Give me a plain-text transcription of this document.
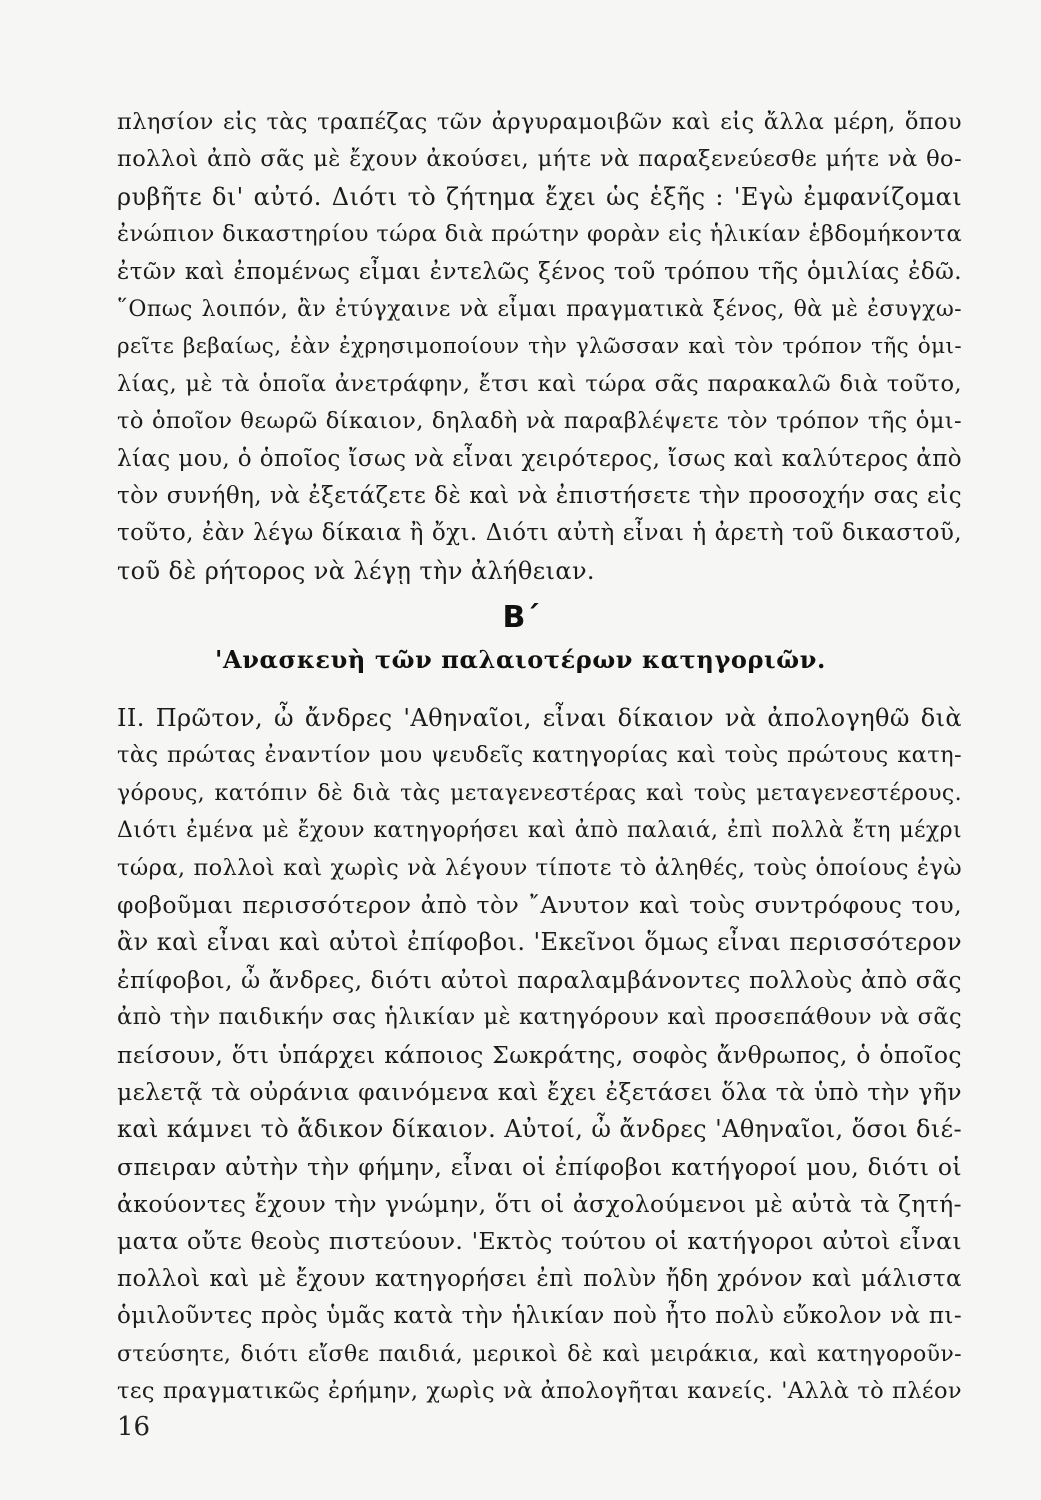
πλησίον εἰς τὰς τραπέζας τῶν ἀργυραμοιβῶν καὶ εἰς ἄλλα μέρη, ὅπου
πολλοὶ ἀπὸ σᾶς μὲ ἔχουν ἀκούσει, μήτε νὰ παραξενεύεσθε μήτε νὰ θο-
ρυβῆτε δι' αὐτό. Διότι τὸ ζήτημα ἔχει ὡς ἑξῆς : 'Εγὼ ἐμφανίζομαι
ἐνώπιον δικαστηρίου τώρα διὰ πρώτην φορὰν εἰς ἡλικίαν ἑβδομήκοντα
ἐτῶν καὶ ἐπομένως εἶμαι ἐντελῶς ξένος τοῦ τρόπου τῆς ὁμιλίας ἐδῶ.
῞Οπως λοιπόν, ἂν ἐτύγχαινε νὰ εἶμαι πραγματικὰ ξένος, θὰ μὲ ἐσυγχω-
ρεῖτε βεβαίως, ἐὰν ἐχρησιμοποίουν τὴν γλῶσσαν καὶ τὸν τρόπον τῆς ὁμι-
λίας, μὲ τὰ ὁποῖα ἀνετράφην, ἔτσι καὶ τώρα σᾶς παρακαλῶ διὰ τοῦτο,
τὸ ὁποῖον θεωρῶ δίκαιον, δηλαδὴ νὰ παραβλέψετε τὸν τρόπον τῆς ὁμι-
λίας μου, ὁ ὁποῖος ἴσως νὰ εἶναι χειρότερος, ἴσως καὶ καλύτερος ἀπὸ
τὸν συνήθη, νὰ ἐξετάζετε δὲ καὶ νὰ ἐπιστήσετε τὴν προσοχήν σας εἰς
τοῦτο, ἐὰν λέγω δίκαια ἢ ὄχι. Διότι αὐτὴ εἶναι ἡ ἀρετὴ τοῦ δικαστοῦ,
τοῦ δὲ ρήτορος νὰ λέγῃ τὴν ἀλήθειαν.
Β΄
'Ανασκευὴ τῶν παλαιοτέρων κατηγοριῶν.
ΙΙ. Πρῶτον, ὦ ἄνδρες 'Αθηναῖοι, εἶναι δίκαιον νὰ ἀπολογηθῶ διὰ
τὰς πρώτας ἐναντίον μου ψευδεῖς κατηγορίας καὶ τοὺς πρώτους κατη-
γόρους, κατόπιν δὲ διὰ τὰς μεταγενεστέρας καὶ τοὺς μεταγενεστέρους.
Διότι ἐμένα μὲ ἔχουν κατηγορήσει καὶ ἀπὸ παλαιά, ἐπὶ πολλὰ ἔτη μέχρι
τώρα, πολλοὶ καὶ χωρὶς νὰ λέγουν τίποτε τὸ ἀληθές, τοὺς ὁποίους ἐγὼ
φοβοῦμαι περισσότερον ἀπὸ τὸν ῎Ανυτον καὶ τοὺς συντρόφους του,
ἂν καὶ εἶναι καὶ αὐτοὶ ἐπίφοβοι. 'Εκεῖνοι ὅμως εἶναι περισσότερον
ἐπίφοβοι, ὦ ἄνδρες, διότι αὐτοὶ παραλαμβάνοντες πολλοὺς ἀπὸ σᾶς
ἀπὸ τὴν παιδικήν σας ἡλικίαν μὲ κατηγόρουν καὶ προσεπάθουν νὰ σᾶς
πείσουν, ὅτι ὑπάρχει κάποιος Σωκράτης, σοφὸς ἄνθρωπος, ὁ ὁποῖος
μελετᾷ τὰ οὐράνια φαινόμενα καὶ ἔχει ἐξετάσει ὅλα τὰ ὑπὸ τὴν γῆν
καὶ κάμνει τὸ ἄδικον δίκαιον. Αὐτοί, ὦ ἄνδρες 'Αθηναῖοι, ὅσοι διέ-
σπειραν αὐτὴν τὴν φήμην, εἶναι οἱ ἐπίφοβοι κατήγοροί μου, διότι οἱ
ἀκούοντες ἔχουν τὴν γνώμην, ὅτι οἱ ἀσχολούμενοι μὲ αὐτὰ τὰ ζητή-
ματα οὔτε θεοὺς πιστεύουν. 'Εκτὸς τούτου οἱ κατήγοροι αὐτοὶ εἶναι
πολλοὶ καὶ μὲ ἔχουν κατηγορήσει ἐπὶ πολὺν ἤδη χρόνον καὶ μάλιστα
ὁμιλοῦντες πρὸς ὑμᾶς κατὰ τὴν ἡλικίαν ποὺ ἦτο πολὺ εὔκολον νὰ πι-
στεύσητε, διότι εἴσθε παιδιά, μερικοὶ δὲ καὶ μειράκια, καὶ κατηγοροῦν-
τες πραγματικῶς ἐρήμην, χωρὶς νὰ ἀπολογῆται κανείς. 'Αλλὰ τὸ πλέον
16
